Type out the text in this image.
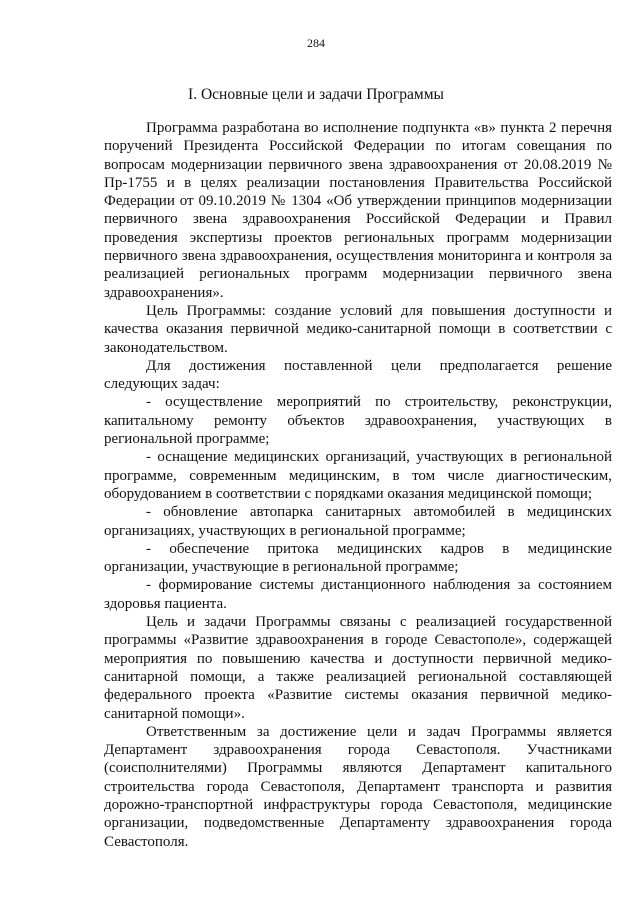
284
I. Основные цели и задачи Программы

Программа разработана во исполнение подпункта «в» пункта 2 перечня поручений Президента Российской Федерации по итогам совещания по вопросам модернизации первичного звена здравоохранения от 20.08.2019 № Пр-1755 и в целях реализации постановления Правительства Российской Федерации от 09.10.2019 № 1304 «Об утверждении принципов модернизации первичного звена здравоохранения Российской Федерации и Правил проведения экспертизы проектов региональных программ модернизации первичного звена здравоохранения, осуществления мониторинга и контроля за реализацией региональных программ модернизации первичного звена здравоохранения».

Цель Программы: создание условий для повышения доступности и качества оказания первичной медико-санитарной помощи в соответствии с законодательством.

Для достижения поставленной цели предполагается решение следующих задач:

- осуществление мероприятий по строительству, реконструкции, капитальному ремонту объектов здравоохранения, участвующих в региональной программе;

- оснащение медицинских организаций, участвующих в региональной программе, современным медицинским, в том числе диагностическим, оборудованием в соответствии с порядками оказания медицинской помощи;

- обновление автопарка санитарных автомобилей в медицинских организациях, участвующих в региональной программе;

- обеспечение притока медицинских кадров в медицинские организации, участвующие в региональной программе;

- формирование системы дистанционного наблюдения за состоянием здоровья пациента.

Цель и задачи Программы связаны с реализацией государственной программы «Развитие здравоохранения в городе Севастополе», содержащей мероприятия по повышению качества и доступности первичной медико-санитарной помощи, а также реализацией региональной составляющей федерального проекта «Развитие системы оказания первичной медико-санитарной помощи».

Ответственным за достижение цели и задач Программы является Департамент здравоохранения города Севастополя. Участниками (соисполнителями) Программы являются Департамент капитального строительства города Севастополя, Департамент транспорта и развития дорожно-транспортной инфраструктуры города Севастополя, медицинские организации, подведомственные Департаменту здравоохранения города Севастополя.
